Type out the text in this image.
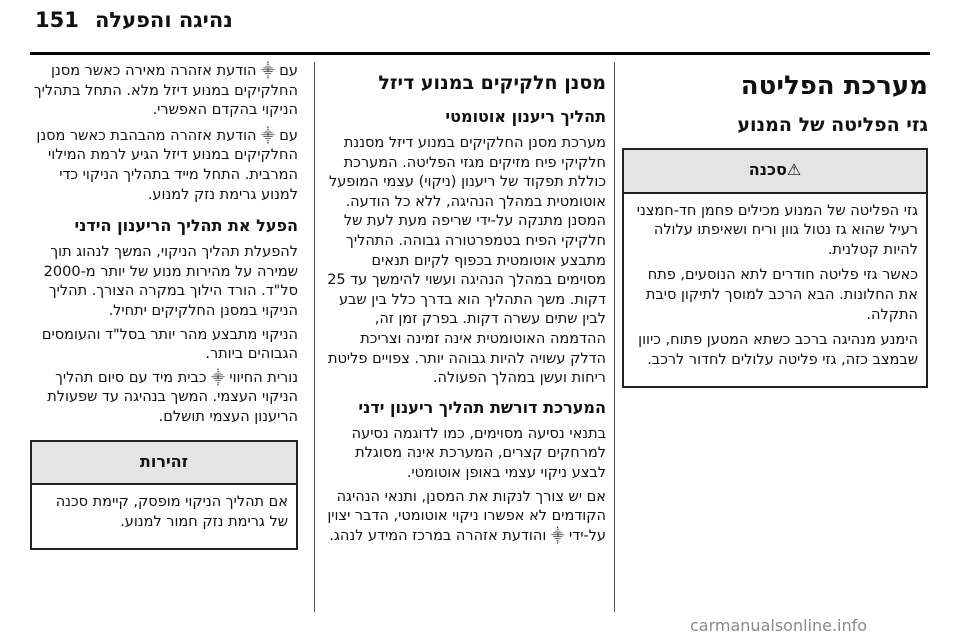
151 נהיגה והפעלה
מערכת הפליטה
גזי הפליטה של המנוע
⚠סכנה

גזי הפליטה של המנוע מכילים פחמן חד-חמצני רעיל שהוא גז נטול גוון וריח ושאיפתו עלולה להיות קטלנית.

כאשר גזי פליטה חודרים לתא הנוסעים, פתח את החלונות. הבא הרכב למוסך לתיקון סיבת התקלה.

הימנע מנהיגה ברכב כשתא המטען פתוח, כיוון שבמצב כזה, גזי פליטה עלולים לחדור לרכב.

מסנן חלקיקים במנוע דיזל
תהליך ריענון אוטומטי

מערכת מסנן החלקיקים במנוע דיזל מסננת חלקיקי פיח מזיקים מגזי הפליטה. המערכת כוללת תפקוד של ריענון (ניקוי) עצמי המופעל אוטומטית במהלך הנהיגה, ללא כל הודעה. המסנן מתנקה על-ידי שריפה מעת לעת של חלקיקי הפיח בטמפרטורה גבוהה. התהליך מתבצע אוטומטית בכפוף לקיום תנאים מסוימים במהלך הנהיגה ועשוי להימשך עד 25 דקות. משך התהליך הוא בדרך כלל בין שבע לבין שתים עשרה דקות. בפרק זמן זה, ההדממה האוטומטית אינה זמינה וצריכת הדלק עשויה להיות גבוהה יותר. צפויים פליטת ריחות ועשן במהלך הפעולה.

המערכת דורשת תהליך ריענון ידני

בתנאי נסיעה מסוימים, כמו לדוגמה נסיעה למרחקים קצרים, המערכת אינה מסוגלת לבצע ניקוי עצמי באופן אוטומטי.

אם יש צורך לנקות את המסנן, ותנאי הנהיגה הקודמים לא אפשרו ניקוי אוטומטי, הדבר יצוין על-ידי ⸎ והודעת אזהרה במרכז המידע לנהג.

עם ⸎ הודעת אזהרה מאירה כאשר מסנן החלקיקים במנוע דיזל מלא. התחל בתהליך הניקוי בהקדם האפשרי.

עם ⸎ הודעת אזהרה מהבהבת כאשר מסנן החלקיקים במנוע דיזל הגיע לרמת המילוי המרבית. התחל מייד בתהליך הניקוי כדי למנוע גרימת נזק למנוע.

הפעל את תהליך הריענון הידני

להפעלת תהליך הניקוי, המשך לנהוג תוך שמירה על מהירות מנוע של יותר מ-2000 סל"ד. הורד הילוך במקרה הצורך. תהליך הניקוי במסנן החלקיקים יתחיל.

הניקוי מתבצע מהר יותר בסל"ד והעומסים הגבוהים ביותר.

נורית החיווי ⸎ כבית מיד עם סיום תהליך הניקוי העצמי. המשך בנהיגה עד שפעולת הריענון העצמי תושלם.

זהירות

אם תהליך הניקוי מופסק, קיימת סכנה של גרימת נזק חמור למנוע.

carmanualsonline.info
